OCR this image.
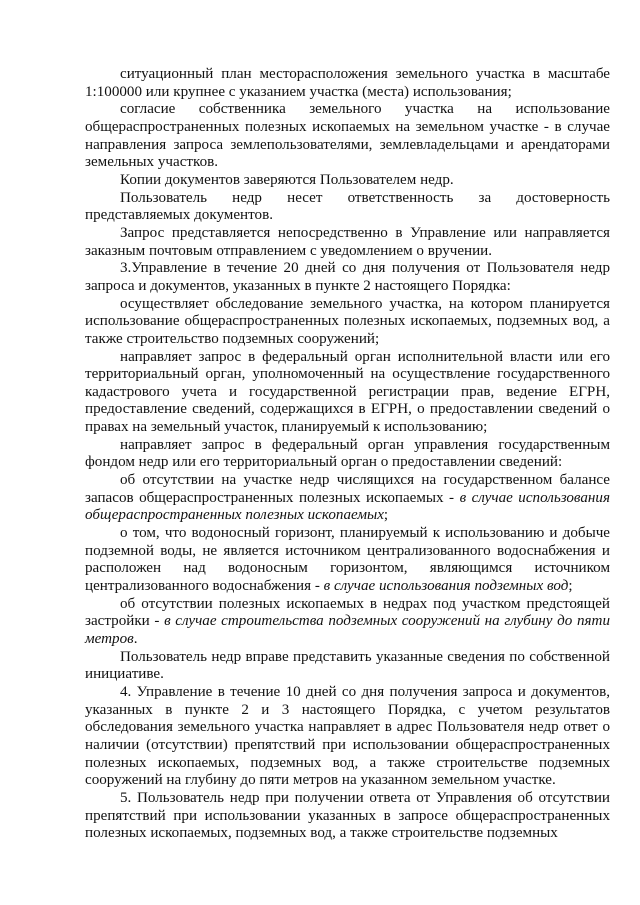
ситуационный план месторасположения земельного участка в масштабе 1:100000 или крупнее с указанием участка (места) использования;

согласие собственника земельного участка на использование общераспространенных полезных ископаемых на земельном участке - в случае направления запроса землепользователями, землевладельцами и арендаторами земельных участков.

Копии документов заверяются Пользователем недр.

Пользователь недр несет ответственность за достоверность представляемых документов.

Запрос представляется непосредственно в Управление или направляется заказным почтовым отправлением с уведомлением о вручении.

3.Управление в течение 20 дней со дня получения от Пользователя недр запроса и документов, указанных в пункте 2 настоящего Порядка:

осуществляет обследование земельного участка, на котором планируется использование общераспространенных полезных ископаемых, подземных вод, а также строительство подземных сооружений;

направляет запрос в федеральный орган исполнительной власти или его территориальный орган, уполномоченный на осуществление государственного кадастрового учета и государственной регистрации прав, ведение ЕГРН, предоставление сведений, содержащихся в ЕГРН, о предоставлении сведений о правах на земельный участок, планируемый к использованию;

направляет запрос в федеральный орган управления государственным фондом недр или его территориальный орган о предоставлении сведений:

об отсутствии на участке недр числящихся на государственном балансе запасов общераспространенных полезных ископаемых - в случае использования общераспространенных полезных ископаемых;

о том, что водоносный горизонт, планируемый к использованию и добыче подземной воды, не является источником централизованного водоснабжения и расположен над водоносным горизонтом, являющимся источником централизованного водоснабжения - в случае использования подземных вод;

об отсутствии полезных ископаемых в недрах под участком предстоящей застройки - в случае строительства подземных сооружений на глубину до пяти метров.

Пользователь недр вправе представить указанные сведения по собственной инициативе.

4. Управление в течение 10 дней со дня получения запроса и документов, указанных в пункте 2 и 3 настоящего Порядка, с учетом результатов обследования земельного участка направляет в адрес Пользователя недр ответ о наличии (отсутствии) препятствий при использовании общераспространенных полезных ископаемых, подземных вод, а также строительстве подземных сооружений на глубину до пяти метров на указанном земельном участке.

5. Пользователь недр при получении ответа от Управления об отсутствии препятствий при использовании указанных в запросе общераспространенных полезных ископаемых, подземных вод, а также строительстве подземных
